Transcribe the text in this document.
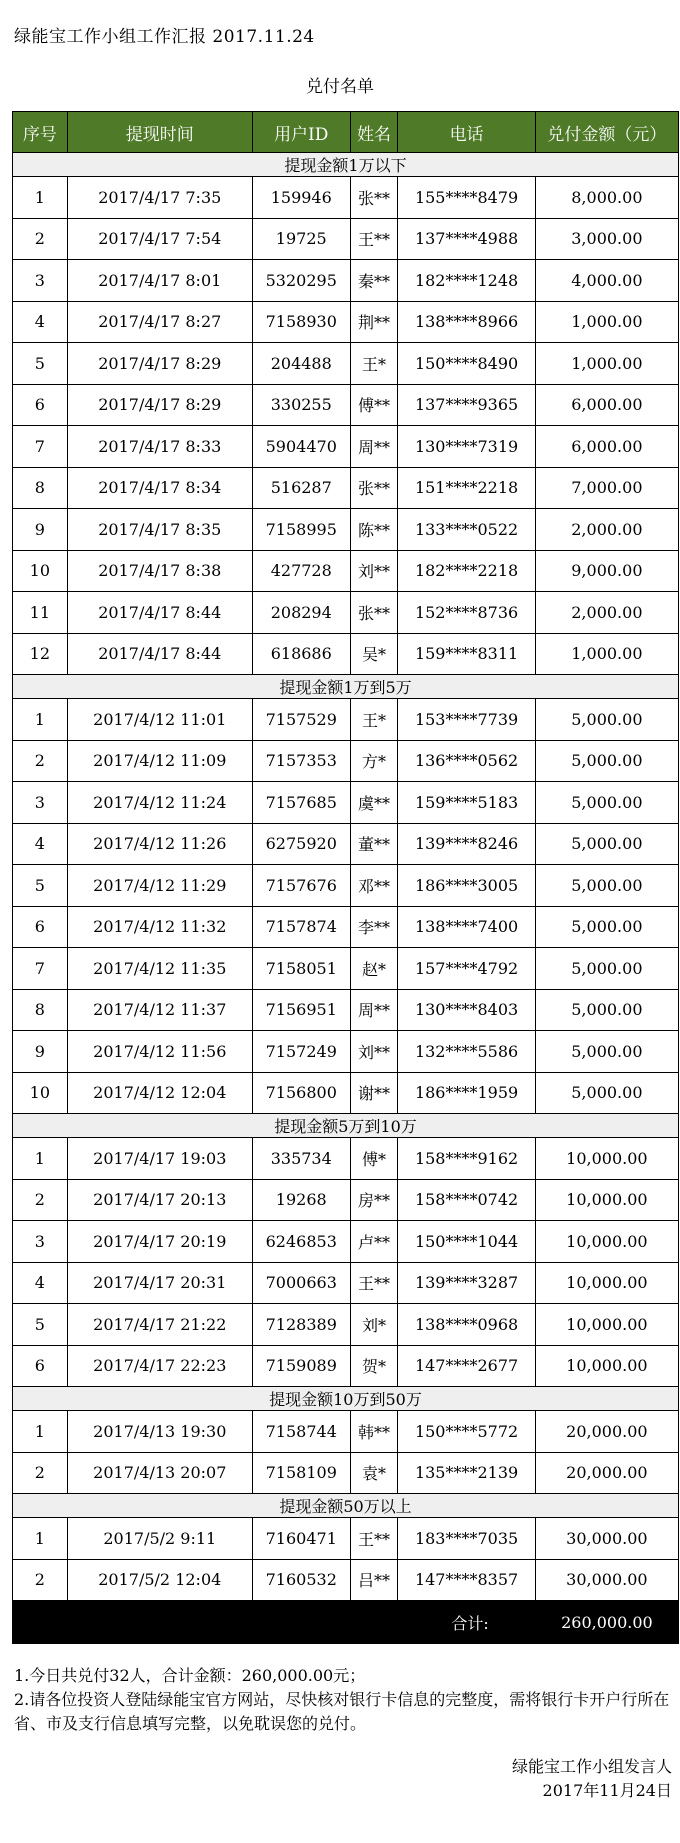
绿能宝工作小组工作汇报 2017.11.24
兑付名单
序号	提现时间	用户ID	姓名	电话	兑付金额（元）
提现金额1万以下					
1	2017/4/17 7:35	159946	张**	155****8479	8,000.00
2	2017/4/17 7:54	19725	王**	137****4988	3,000.00
3	2017/4/17 8:01	5320295	秦**	182****1248	4,000.00
4	2017/4/17 8:27	7158930	荆**	138****8966	1,000.00
5	2017/4/17 8:29	204488	王*	150****8490	1,000.00
6	2017/4/17 8:29	330255	傅**	137****9365	6,000.00
7	2017/4/17 8:33	5904470	周**	130****7319	6,000.00
8	2017/4/17 8:34	516287	张**	151****2218	7,000.00
9	2017/4/17 8:35	7158995	陈**	133****0522	2,000.00
10	2017/4/17 8:38	427728	刘**	182****2218	9,000.00
11	2017/4/17 8:44	208294	张**	152****8736	2,000.00
12	2017/4/17 8:44	618686	吴*	159****8311	1,000.00
提现金额1万到5万					
1	2017/4/12 11:01	7157529	王*	153****7739	5,000.00
2	2017/4/12 11:09	7157353	方*	136****0562	5,000.00
3	2017/4/12 11:24	7157685	虞**	159****5183	5,000.00
4	2017/4/12 11:26	6275920	董**	139****8246	5,000.00
5	2017/4/12 11:29	7157676	邓**	186****3005	5,000.00
6	2017/4/12 11:32	7157874	李**	138****7400	5,000.00
7	2017/4/12 11:35	7158051	赵*	157****4792	5,000.00
8	2017/4/12 11:37	7156951	周**	130****8403	5,000.00
9	2017/4/12 11:56	7157249	刘**	132****5586	5,000.00
10	2017/4/12 12:04	7156800	谢**	186****1959	5,000.00
提现金额5万到10万					
1	2017/4/17 19:03	335734	傅*	158****9162	10,000.00
2	2017/4/17 20:13	19268	房**	158****0742	10,000.00
3	2017/4/17 20:19	6246853	卢**	150****1044	10,000.00
4	2017/4/17 20:31	7000663	王**	139****3287	10,000.00
5	2017/4/17 21:22	7128389	刘*	138****0968	10,000.00
6	2017/4/17 22:23	7159089	贺*	147****2677	10,000.00
提现金额10万到50万					
1	2017/4/13 19:30	7158744	韩**	150****5772	20,000.00
2	2017/4/13 20:07	7158109	袁*	135****2139	20,000.00
提现金额50万以上					
1	2017/5/2 9:11	7160471	王**	183****7035	30,000.00
2	2017/5/2 12:04	7160532	吕**	147****8357	30,000.00
合计:					260,000.00

1.今日共兑付32人，合计金额：260,000.00元；

2.请各位投资人登陆绿能宝官方网站，尽快核对银行卡信息的完整度，需将银行卡开户行所在省、市及支行信息填写完整，以免耽误您的兑付。

绿能宝工作小组发言人
2017年11月24日
